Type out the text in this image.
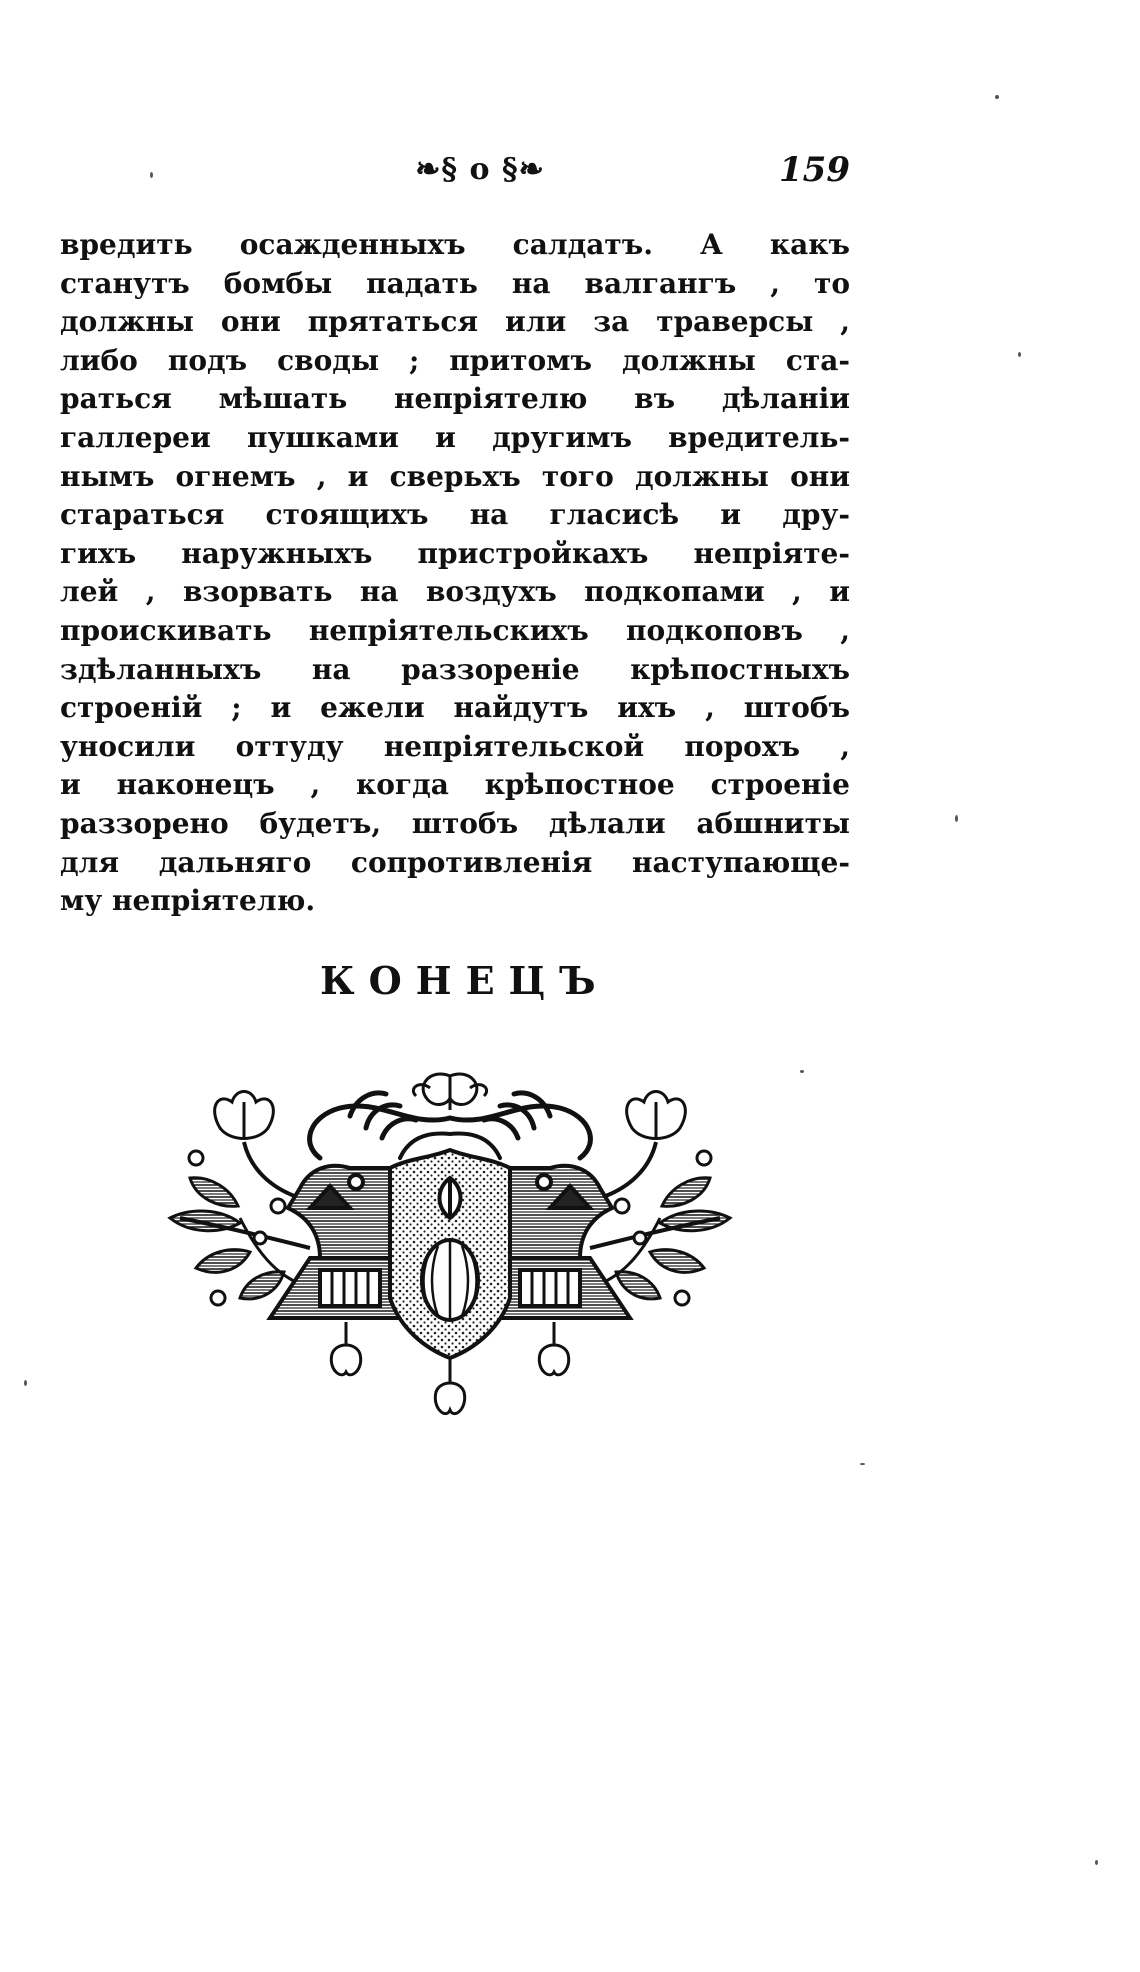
❧§ o §❧	159
вредить осажденныхъ салдатъ. А какъ
станутъ бомбы падать на валгангъ , то
должны они прятаться или за траверсы ,
либо подъ своды ; притомъ должны ста-
раться мѣшать непріятелю въ дѣланіи
галлереи пушками и другимъ вредитель-
нымъ огнемъ , и сверьхъ того должны они
стараться стоящихъ на гласисѣ и дру-
гихъ наружныхъ пристройкахъ непріяте-
лей , взорвать на воздухъ подкопами , и
проискивать непріятельскихъ подкоповъ ,
здѣланныхъ на раззореніе крѣпостныхъ
строеній ; и ежели найдутъ ихъ , штобъ
уносили оттуду непріятельской порохъ ,
и наконецъ , когда крѣпостное строеніе
раззорено будетъ, штобъ дѣлали абшниты
для дальняго сопротивленія наступающе-
му непріятелю.
КОНЕЦЪ
